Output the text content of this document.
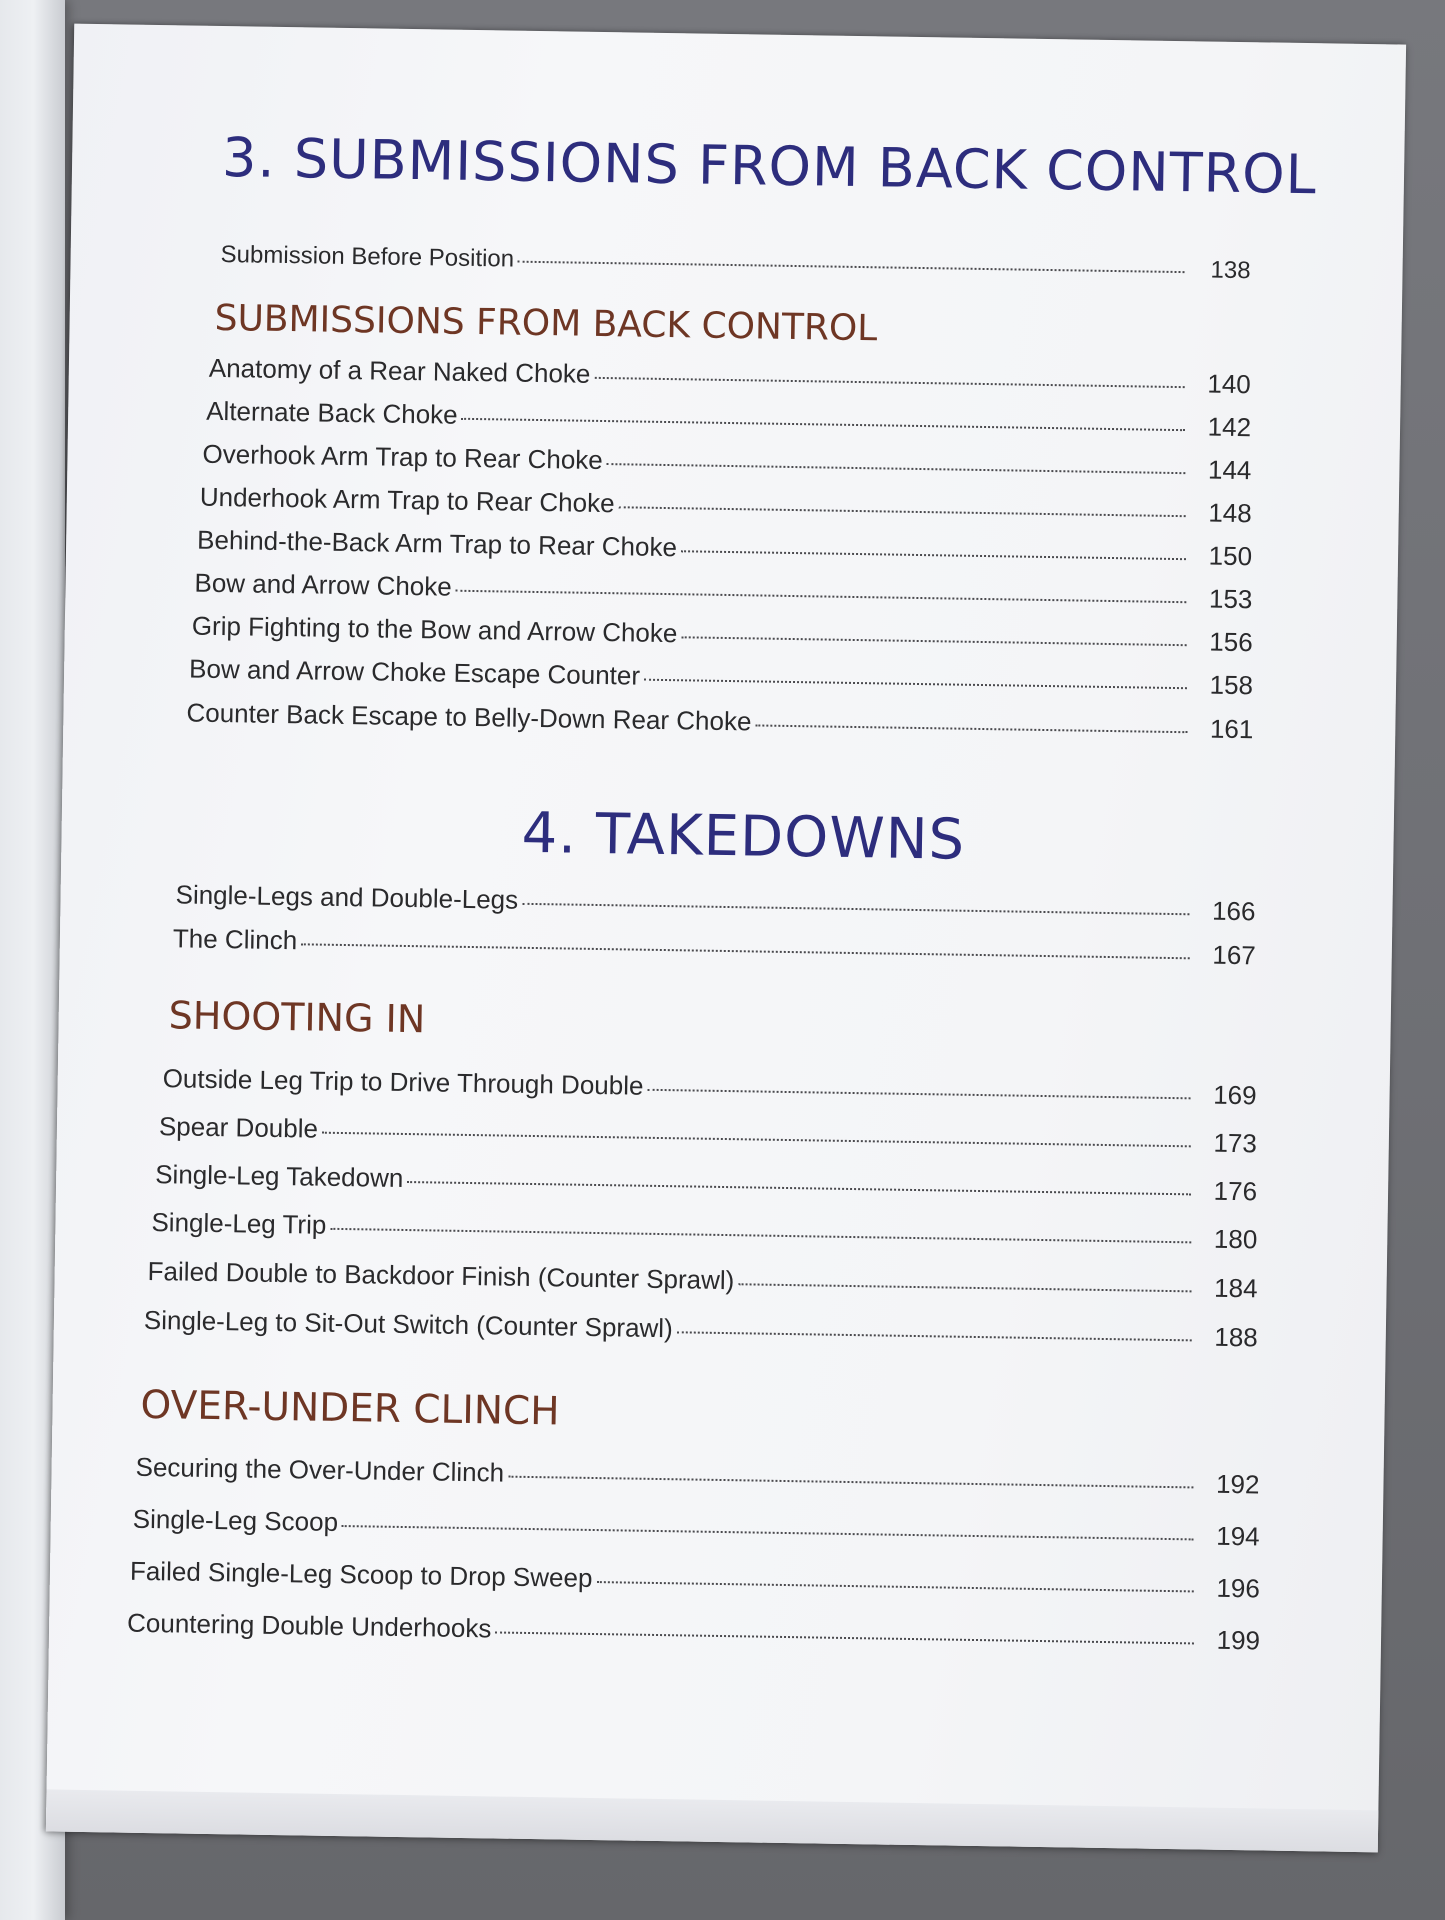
3. SUBMISSIONS FROM BACK CONTROL
Submission Before Position	138
SUBMISSIONS FROM BACK CONTROL
Anatomy of a Rear Naked Choke	140
Alternate Back Choke	142
Overhook Arm Trap to Rear Choke	144
Underhook Arm Trap to Rear Choke	148
Behind-the-Back Arm Trap to Rear Choke	150
Bow and Arrow Choke	153
Grip Fighting to the Bow and Arrow Choke	156
Bow and Arrow Choke Escape Counter	158
Counter Back Escape to Belly-Down Rear Choke	161
4. TAKEDOWNS
Single-Legs and Double-Legs	166
The Clinch	167
SHOOTING IN
Outside Leg Trip to Drive Through Double	169
Spear Double	173
Single-Leg Takedown	176
Single-Leg Trip	180
Failed Double to Backdoor Finish (Counter Sprawl)	184
Single-Leg to Sit-Out Switch (Counter Sprawl)	188
OVER-UNDER CLINCH
Securing the Over-Under Clinch	192
Single-Leg Scoop	194
Failed Single-Leg Scoop to Drop Sweep	196
Countering Double Underhooks	199
